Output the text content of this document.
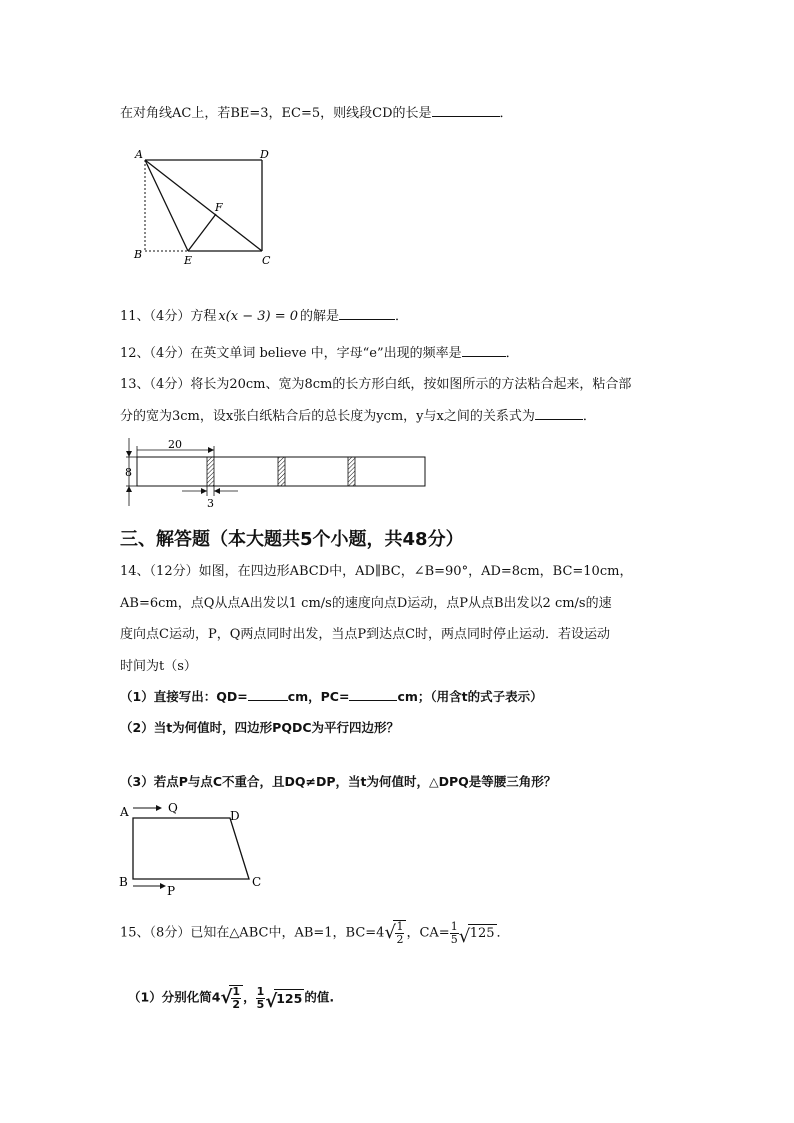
在对角线AC上，若BE=3，EC=5，则线段CD的长是	．
A	D
B	E	C
F
11、（4分）方程 x(x − 3) = 0 的解是	．
12、（4分）在英文单词 believe 中，字母“e”出现的频率是	．
13、（4分）将长为20cm、宽为8cm的长方形白纸，按如图所示的方法粘合起来，粘合部
分的宽为3cm，设x张白纸粘合后的总长度为ycm，y与x之间的关系式为	．
20
8
3
三、解答题（本大题共5个小题，共48分）
14、（12分）如图，在四边形ABCD中，AD∥BC，∠B=90°，AD=8cm，BC=10cm，
AB=6cm，点Q从点A出发以1 cm/s的速度向点D运动，点P从点B出发以2 cm/s的速
度向点C运动，P，Q两点同时出发，当点P到达点C时，两点同时停止运动．若设运动
时间为t（s）
（1）直接写出：QD=	cm，PC=	cm；（用含t的式子表示）
（2）当t为何值时，四边形PQDC为平行四边形？
（3）若点P与点C不重合，且DQ≠DP，当t为何值时，△DPQ是等腰三角形？
A	Q
D
B	C
P
15、（8分）已知在△ABC中，AB=1，BC=4 √ $\frac{1}{2}$ ，$CA= \frac{1}{5}$ √ 125 ．
（1）分别化简4 √
$\frac{1}{2}$ ， $\frac{1}{5}$ √
125 的值.
